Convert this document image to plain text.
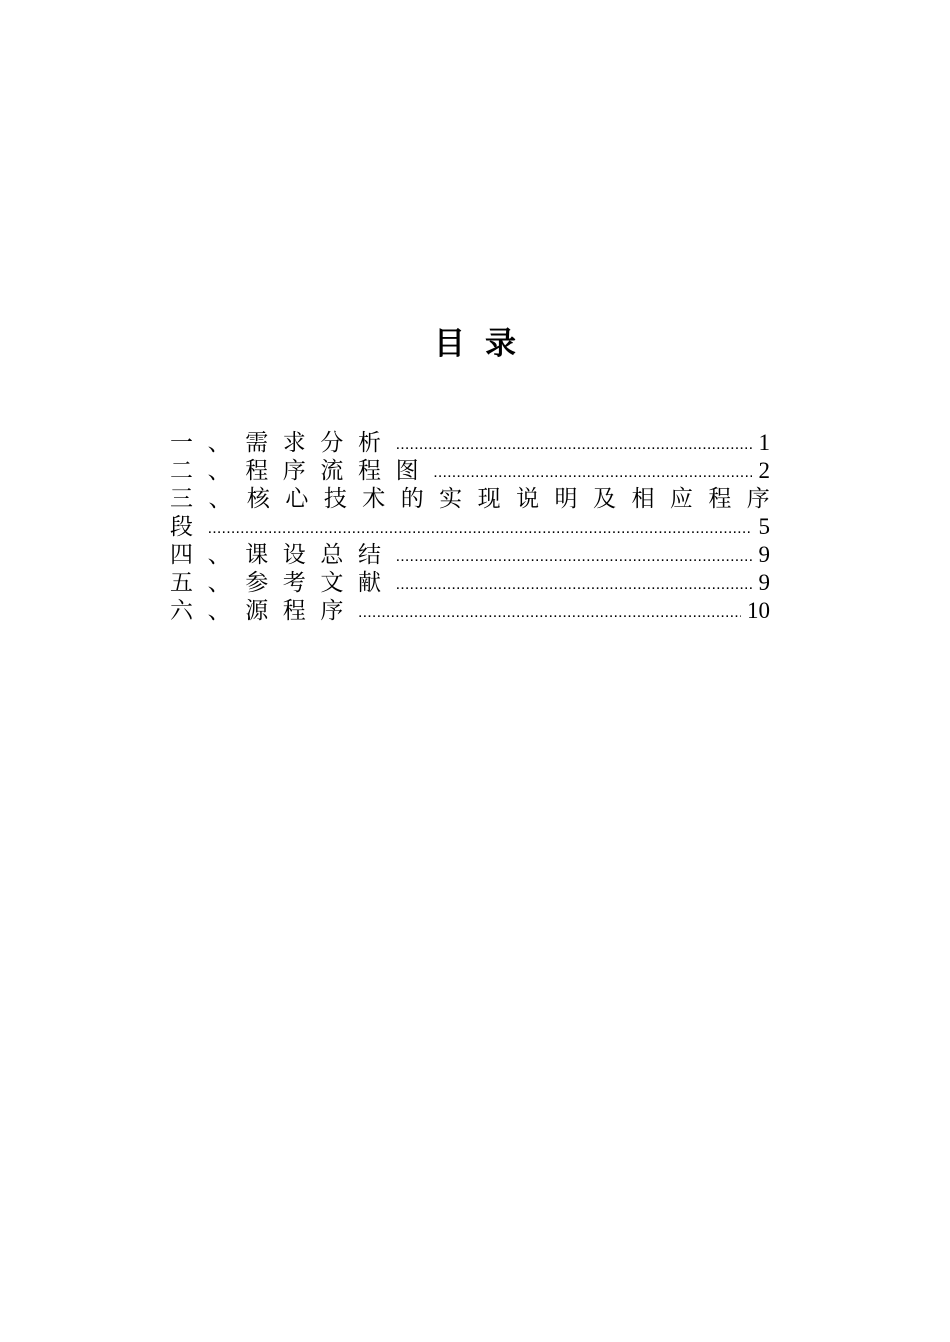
目 录
一、需求分析 .....	1
二、程序流程图 .....	2
三 、 核 心 技 术 的 实 现 说 明 及 相 应 程 序
段 .....	5
四、课设总结 .....	9
五、参考文献 .....	9
六、源程序 .....	10
